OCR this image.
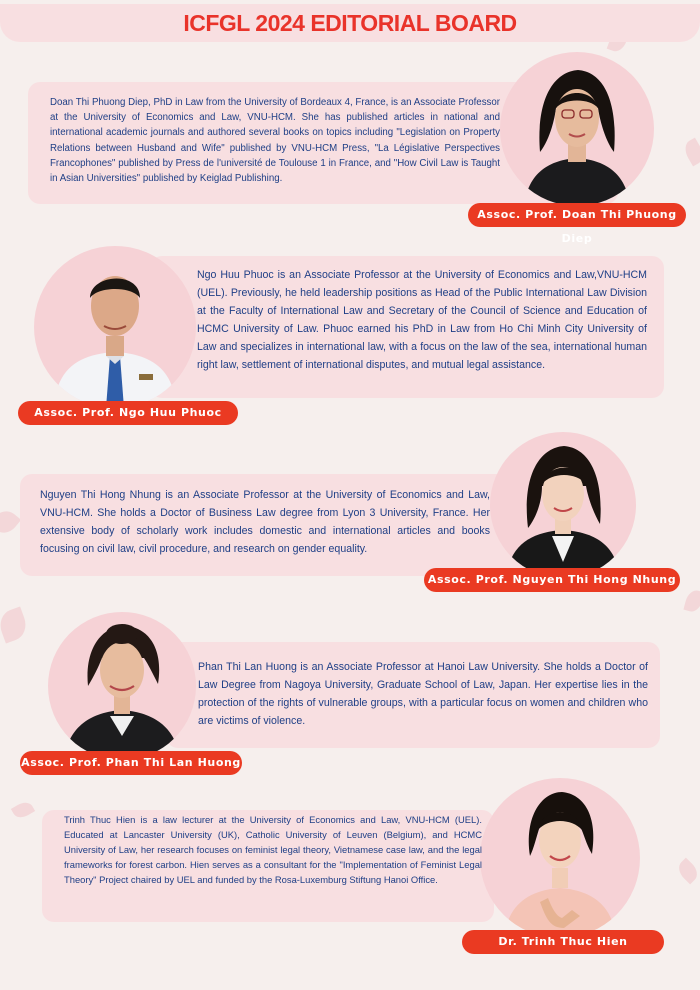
ICFGL 2024 EDITORIAL BOARD
Doan Thi Phuong Diep, PhD in Law from the University of Bordeaux 4, France, is an Associate Professor at the University of Economics and Law, VNU-HCM. She has published articles in national and international academic journals and authored several books on topics including "Legislation on Property Relations between Husband and Wife" published by VNU-HCM Press, "La Législative Perspectives Francophones" published by Press de l'université de Toulouse 1 in France, and "How Civil Law is Taught in Asian Universities" published by Keiglad Publishing.
Assoc. Prof. Doan Thi Phuong Diep
Ngo Huu Phuoc is an Associate Professor at the University of Economics and Law,VNU-HCM (UEL). Previously, he held leadership positions as Head of the Public International Law Division at the Faculty of International Law and Secretary of the Council of Science and Education of HCMC University of Law. Phuoc earned his PhD in Law from Ho Chi Minh City University of Law and specializes in international law, with a focus on the law of the sea, international human right law, settlement of international disputes, and mutual legal assistance.
Assoc. Prof. Ngo Huu Phuoc
Nguyen Thi Hong Nhung is an Associate Professor at the University of Economics and Law, VNU-HCM. She holds a Doctor of Business Law degree from Lyon 3 University, France. Her extensive body of scholarly work includes domestic and international articles and books focusing on civil law, civil procedure, and research on gender equality.
Assoc. Prof. Nguyen Thi Hong Nhung
Phan Thi Lan Huong is an Associate Professor at Hanoi Law University. She holds a Doctor of Law Degree from Nagoya University, Graduate School of Law, Japan. Her expertise lies in the protection of the rights of vulnerable groups, with a particular focus on women and children who are victims of violence.
Assoc. Prof. Phan Thi Lan Huong
Trinh Thuc Hien is a law lecturer at the University of Economics and Law, VNU-HCM (UEL). Educated at Lancaster University (UK), Catholic University of Leuven (Belgium), and HCMC University of Law, her research focuses on feminist legal theory, Vietnamese case law, and the legal frameworks for forest carbon. Hien serves as a consultant for the "Implementation of Feminist Legal Theory" Project chaired by UEL and funded by the Rosa-Luxemburg Stiftung Hanoi Office.
Dr. Trinh Thuc Hien
